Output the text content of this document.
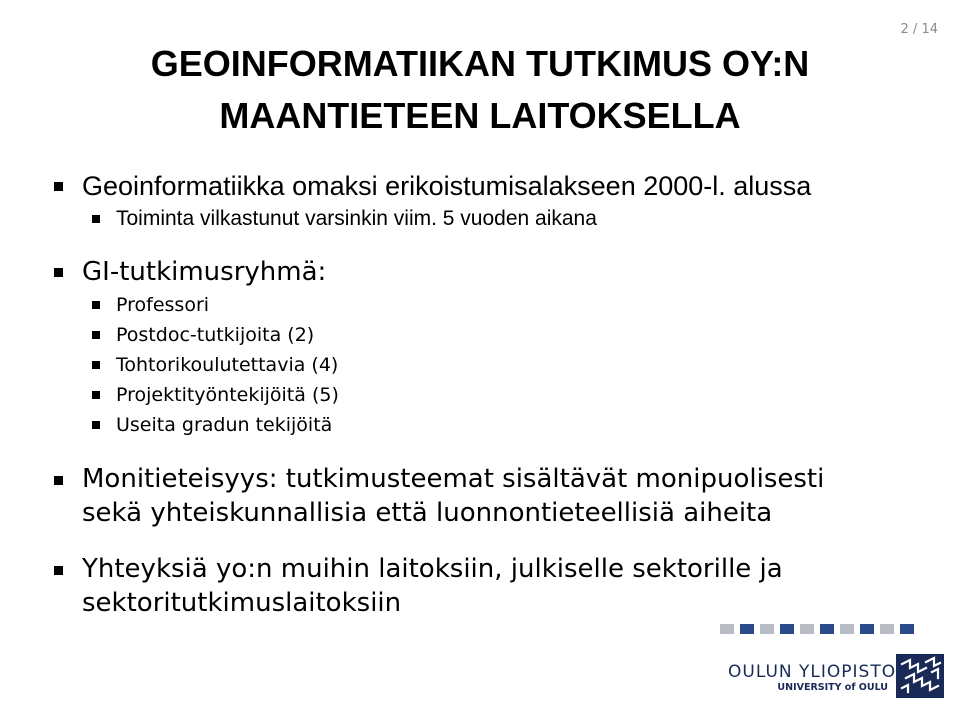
2 / 14
GEOINFORMATIIKAN TUTKIMUS OY:N
MAANTIETEEN LAITOKSELLA
Geoinformatiikka omaksi erikoistumisalakseen 2000-l. alussa
Toiminta vilkastunut varsinkin viim. 5 vuoden aikana
GI-tutkimusryhmä:
Professori
Postdoc-tutkijoita (2)
Tohtorikoulutettavia (4)
Projektityöntekijöitä (5)
Useita gradun tekijöitä
Monitieteisyys: tutkimusteemat sisältävät monipuolisesti
sekä yhteiskunnallisia että luonnontieteellisiä aiheita
Yhteyksiä yo:n muihin laitoksiin, julkiselle sektorille ja
sektoritutkimuslaitoksiin
OULUN YLIOPISTO
UNIVERSITY of OULU
